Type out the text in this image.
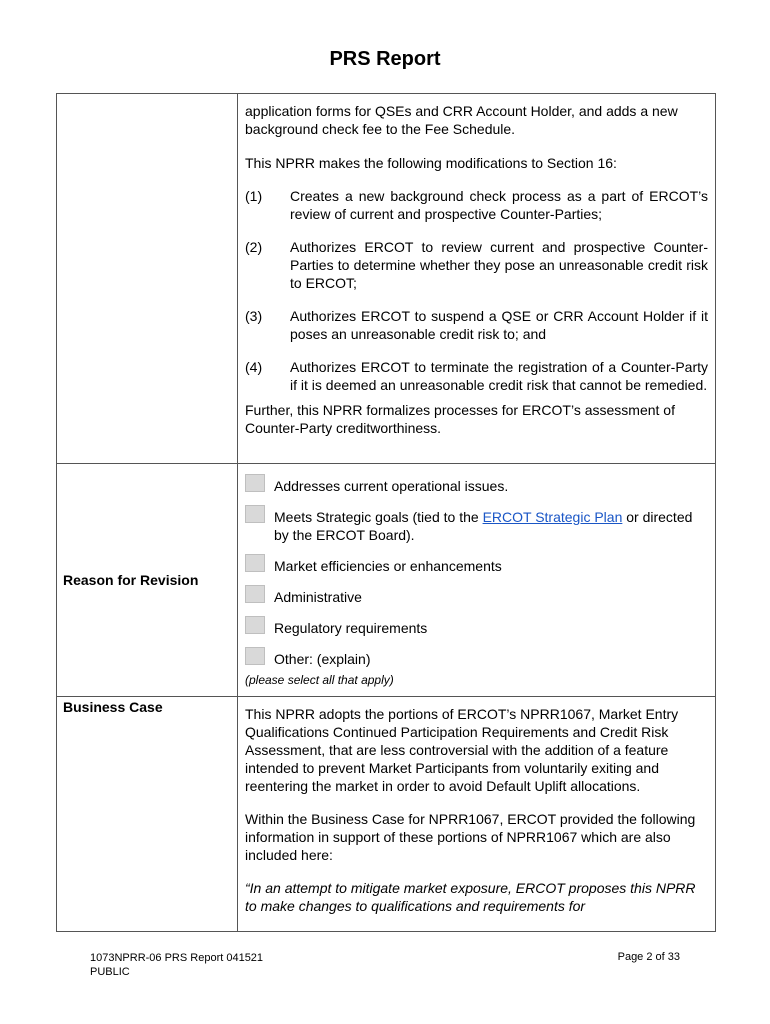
PRS Report

application forms for QSEs and CRR Account Holder, and adds a new background check fee to the Fee Schedule.

This NPRR makes the following modifications to Section 16:

(1)	Creates a new background check process as a part of ERCOT’s review of current and prospective Counter-Parties;
(2)	Authorizes ERCOT to review current and prospective Counter-Parties to determine whether they pose an unreasonable credit risk to ERCOT;
(3)	Authorizes ERCOT to suspend a QSE or CRR Account Holder if it poses an unreasonable credit risk to; and
(4)	Authorizes ERCOT to terminate the registration of a Counter-Party if it is deemed an unreasonable credit risk that cannot be remedied.

Further, this NPRR formalizes processes for ERCOT’s assessment of Counter-Party creditworthiness.

Reason for Revision
Addresses current operational issues.
Meets Strategic goals (tied to the ERCOT Strategic Plan or directed by the ERCOT Board).
Market efficiencies or enhancements
Administrative
Regulatory requirements
Other: (explain)

(please select all that apply)

Business Case	This NPRR adopts the portions of ERCOT’s NPRR1067, Market Entry Qualifications Continued Participation Requirements and Credit Risk Assessment, that are less controversial with the addition of a feature intended to prevent Market Participants from voluntarily exiting and reentering the market in order to avoid Default Uplift allocations.

Within the Business Case for NPRR1067, ERCOT provided the following information in support of these portions of NPRR1067 which are also included here:

“In an attempt to mitigate market exposure, ERCOT proposes this NPRR to make changes to qualifications and requirements for

1073NPRR-06 PRS Report 041521
PUBLIC
Page 2 of 33
